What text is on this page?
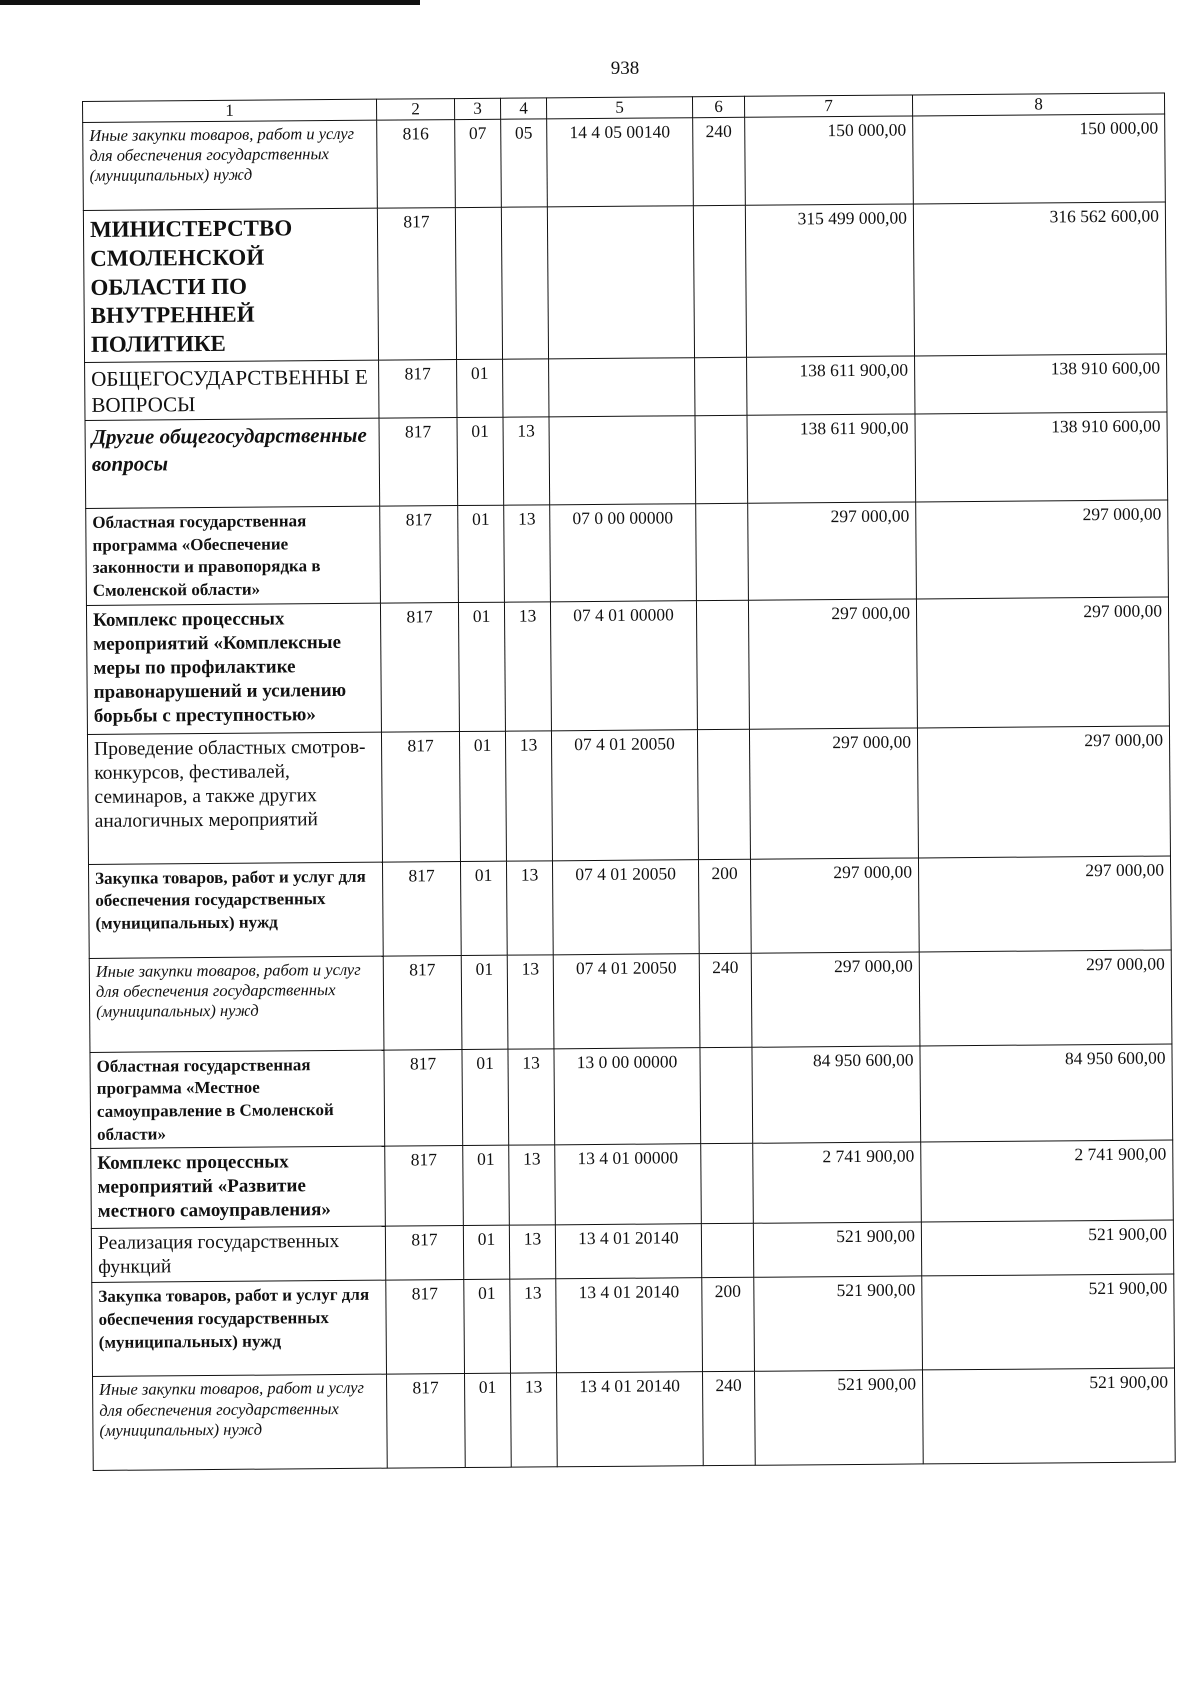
938
1	2	3	4	5	6	7	8
Иные закупки товаров, работ и услуг для обеспечения государственных (муниципальных) нужд	816	07	05	14 4 05 00140	240	150 000,00	150 000,00
МИНИСТЕРСТВО СМОЛЕНСКОЙ ОБЛАСТИ ПО ВНУТРЕННЕЙ ПОЛИТИКЕ	817					315 499 000,00	316 562 600,00
ОБЩЕГОСУДАРСТВЕННЫ Е ВОПРОСЫ	817	01				138 611 900,00	138 910 600,00
Другие общегосударственные вопросы	817	01	13			138 611 900,00	138 910 600,00
Областная государственная программа «Обеспечение законности и правопорядка в Смоленской области»	817	01	13	07 0 00 00000		297 000,00	297 000,00
Комплекс процессных мероприятий «Комплексные меры по профилактике правонарушений и усилению борьбы с преступностью»	817	01	13	07 4 01 00000		297 000,00	297 000,00
Проведение областных смотров-конкурсов, фестивалей, семинаров, а также других аналогичных мероприятий	817	01	13	07 4 01 20050		297 000,00	297 000,00
Закупка товаров, работ и услуг для обеспечения государственных (муниципальных) нужд	817	01	13	07 4 01 20050	200	297 000,00	297 000,00
Иные закупки товаров, работ и услуг для обеспечения государственных (муниципальных) нужд	817	01	13	07 4 01 20050	240	297 000,00	297 000,00
Областная государственная программа «Местное самоуправление в Смоленской области»	817	01	13	13 0 00 00000		84 950 600,00	84 950 600,00
Комплекс процессных мероприятий «Развитие местного самоуправления»	817	01	13	13 4 01 00000		2 741 900,00	2 741 900,00
Реализация государственных функций	817	01	13	13 4 01 20140		521 900,00	521 900,00
Закупка товаров, работ и услуг для обеспечения государственных (муниципальных) нужд	817	01	13	13 4 01 20140	200	521 900,00	521 900,00
Иные закупки товаров, работ и услуг для обеспечения государственных (муниципальных) нужд	817	01	13	13 4 01 20140	240	521 900,00	521 900,00
